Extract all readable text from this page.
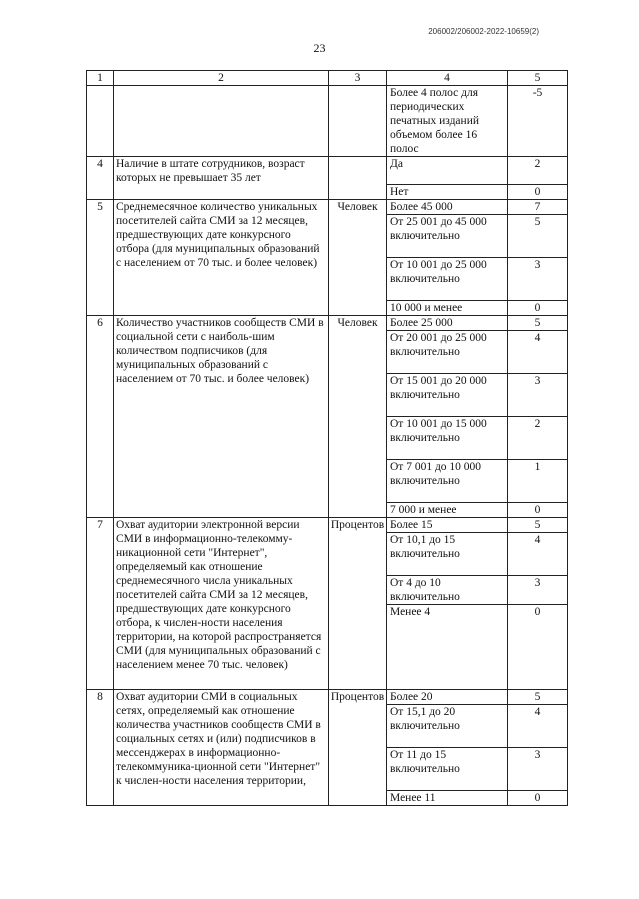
206002/206002-2022-10659(2)
23
1	2	3	4	5
			Более 4 полос для периодических печатных изданий объемом более 16 полос	-5
4	Наличие в штате сотрудников, возраст которых не превышает 35 лет		Да	2
			Нет	0
5	Среднемесячное количество уникальных посетителей сайта СМИ за 12 месяцев, предшествующих дате конкурсного отбора (для муниципальных образований с населением от 70 тыс. и более человек)	Человек	Более 45 000	7
			От 25 001 до 45 000 включительно	5
			От 10 001 до 25 000 включительно	3
			10 000 и менее	0
6	Количество участников сообществ СМИ в социальной сети с наиболь-шим количеством подписчиков (для муниципальных образований с населением от 70 тыс. и более человек)	Человек	Более 25 000	5
			От 20 001 до 25 000 включительно	4
			От 15 001 до 20 000 включительно	3
			От 10 001 до 15 000 включительно	2
			От 7 001 до 10 000 включительно	1
			7 000 и менее	0
7	Охват аудитории электронной версии СМИ в информационно-телекомму-никационной сети "Интернет", определяемый как отношение среднемесячного числа уникальных посетителей сайта СМИ за 12 месяцев, предшествующих дате конкурсного отбора, к числен-ности населения территории, на которой распространяется СМИ (для муниципальных образований с населением менее 70 тыс. человек)	Процентов	Более 15	5
			От 10,1 до 15 включительно	4
			От 4 до 10 включительно	3
			Менее 4	0
8	Охват аудитории СМИ в социальных сетях, определяемый как отношение количества участников сообществ СМИ в социальных сетях и (или) подписчиков в мессенджерах в информационно-телекоммуника-ционной сети "Интернет" к числен-ности населения территории,	Процентов	Более 20	5
			От 15,1 до 20 включительно	4
			От 11 до 15 включительно	3
			Менее 11	0
